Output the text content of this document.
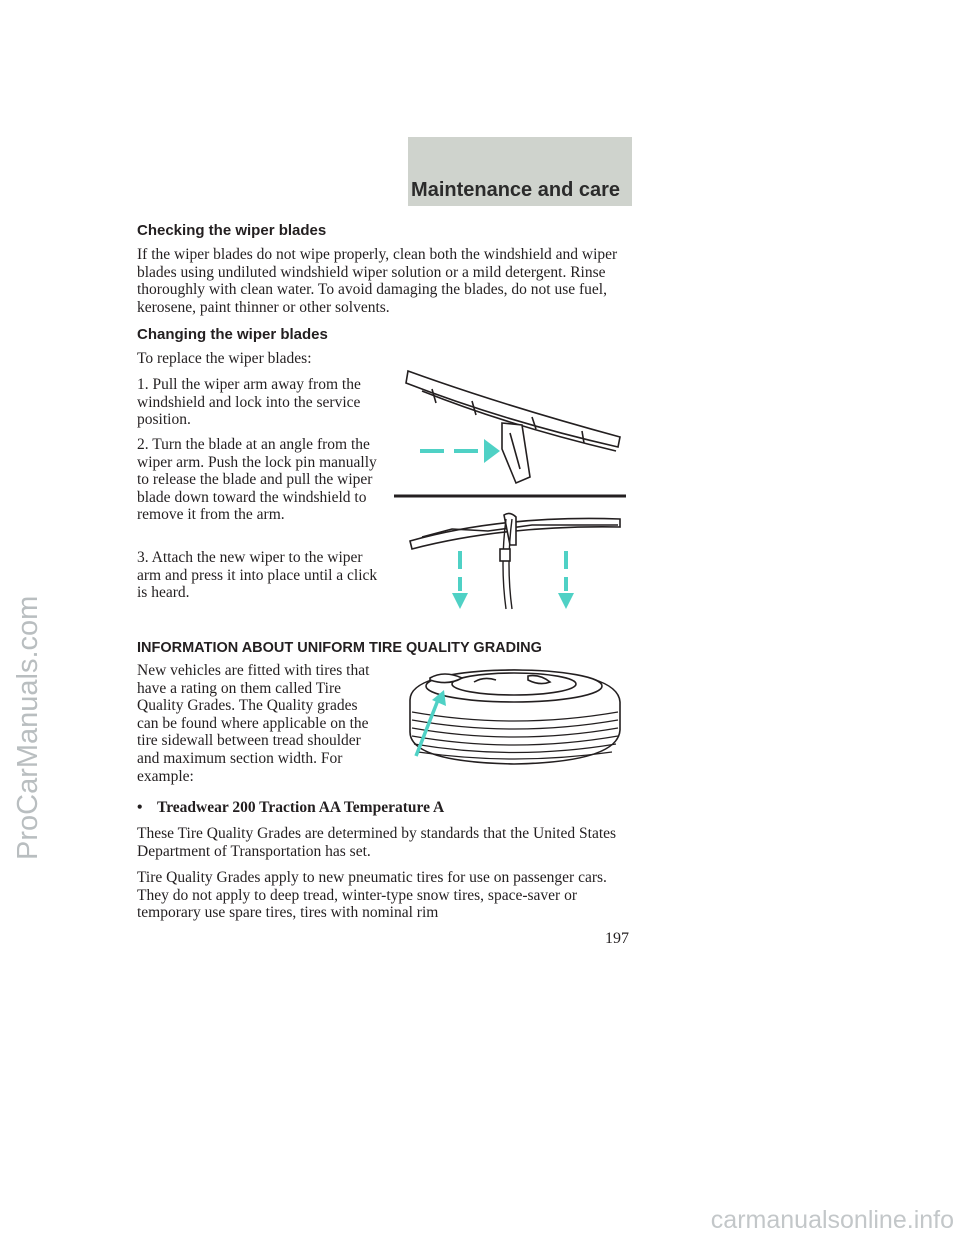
Maintenance and care
Checking the wiper blades

If the wiper blades do not wipe properly, clean both the windshield and wiper blades using undiluted windshield wiper solution or a mild detergent. Rinse thoroughly with clean water. To avoid damaging the blades, do not use fuel, kerosene, paint thinner or other solvents.

Changing the wiper blades

To replace the wiper blades:

1. Pull the wiper arm away from the windshield and lock into the service position.

2. Turn the blade at an angle from the wiper arm. Push the lock pin manually to release the blade and pull the wiper blade down toward the windshield to remove it from the arm.

3. Attach the new wiper to the wiper arm and press it into place until a click is heard.

INFORMATION ABOUT UNIFORM TIRE QUALITY GRADING

New vehicles are fitted with tires that have a rating on them called Tire Quality Grades. The Quality grades can be found where applicable on the tire sidewall between tread shoulder and maximum section width. For example:

• Treadwear 200 Traction AA Temperature A

These Tire Quality Grades are determined by standards that the United States Department of Transportation has set.

Tire Quality Grades apply to new pneumatic tires for use on passenger cars. They do not apply to deep tread, winter-type snow tires, space-saver or temporary use spare tires, tires with nominal rim

197

ProCarManuals.com

carmanualsonline.info
